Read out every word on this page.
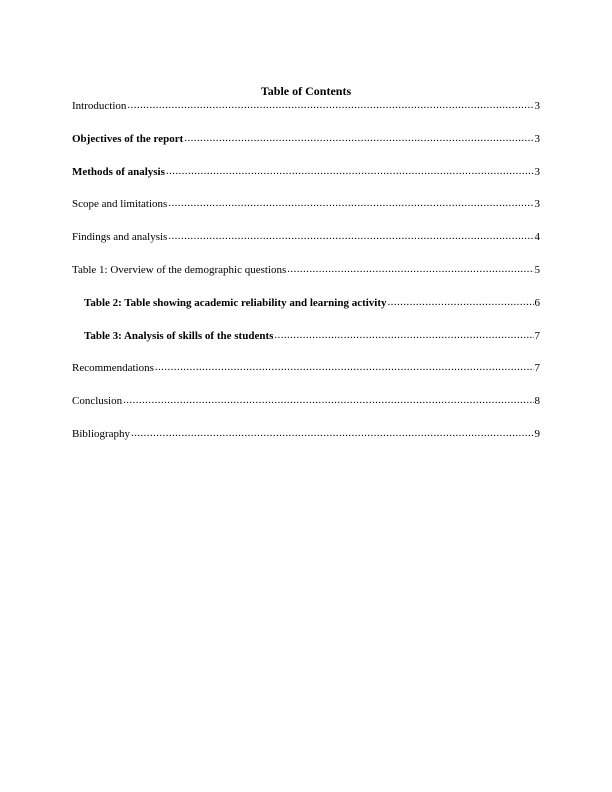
Table of Contents
Introduction .....	3
Objectives of the report .....	3
Methods of analysis .....	3
Scope and limitations .....	3
Findings and analysis .....	4
Table 1: Overview of the demographic questions .....	5
Table 2: Table showing academic reliability and learning activity .....	6
Table 3: Analysis of skills of the students .....	7
Recommendations .....	7
Conclusion .....	8
Bibliography .....	9
